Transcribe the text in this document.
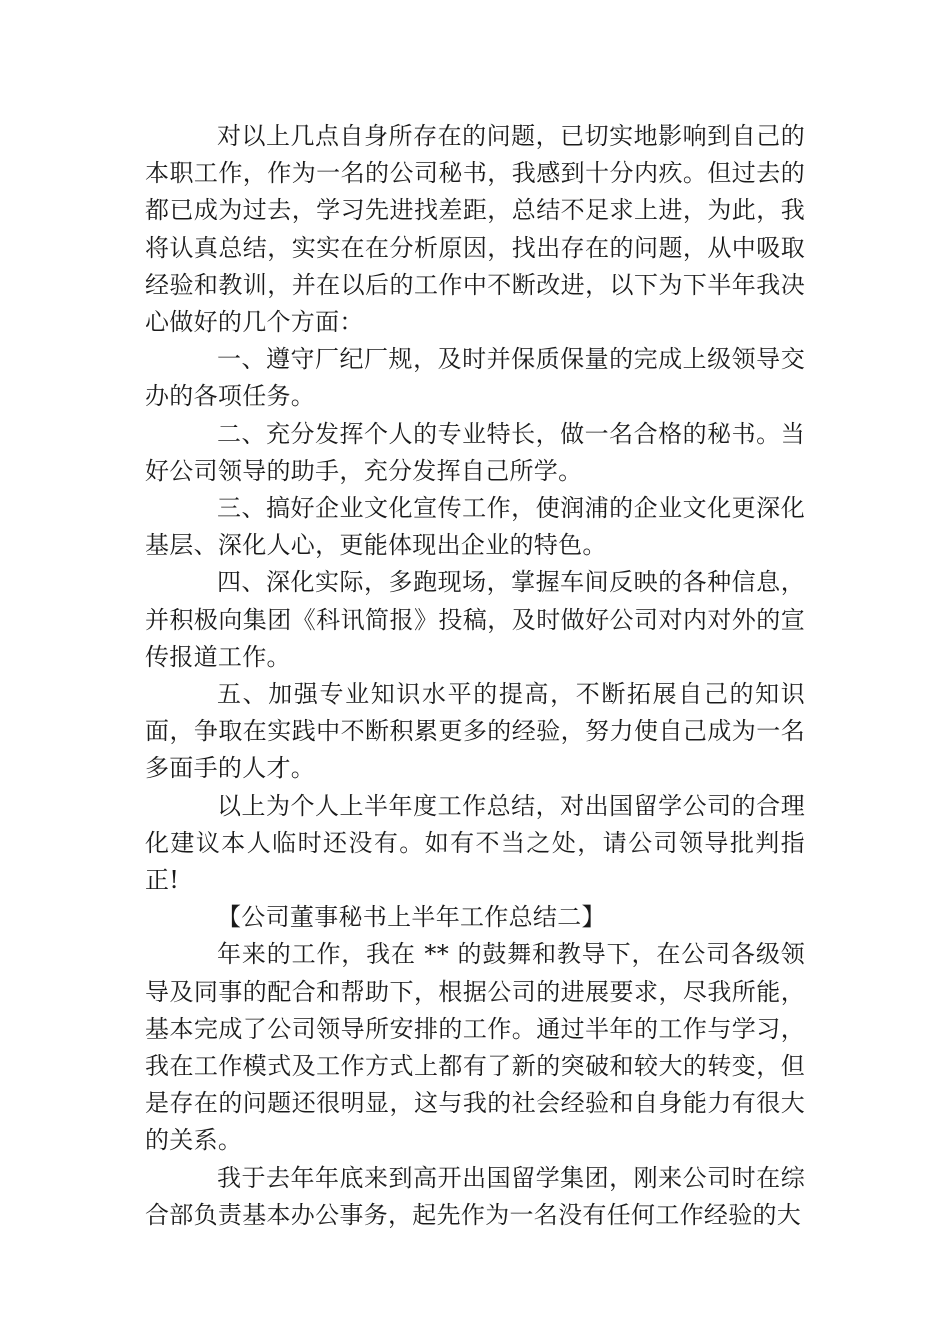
对以上几点自身所存在的问题，已切实地影响到自己的本职工作，作为一名的公司秘书，我感到十分内疚。但过去的都已成为过去，学习先进找差距，总结不足求上进，为此，我将认真总结，实实在在分析原因，找出存在的问题，从中吸取经验和教训，并在以后的工作中不断改进，以下为下半年我决心做好的几个方面：

一、遵守厂纪厂规，及时并保质保量的完成上级领导交办的各项任务。

二、充分发挥个人的专业特长，做一名合格的秘书。当好公司领导的助手，充分发挥自己所学。

三、搞好企业文化宣传工作，使润浦的企业文化更深化基层、深化人心，更能体现出企业的特色。

四、深化实际，多跑现场，掌握车间反映的各种信息，并积极向集团《科讯简报》投稿，及时做好公司对内对外的宣传报道工作。

五、加强专业知识水平的提高，不断拓展自己的知识面，争取在实践中不断积累更多的经验，努力使自己成为一名多面手的人才。

以上为个人上半年度工作总结，对出国留学公司的合理化建议本人临时还没有。如有不当之处，请公司领导批判指正!

【公司董事秘书上半年工作总结二】

年来的工作，我在 ** 的鼓舞和教导下，在公司各级领导及同事的配合和帮助下，根据公司的进展要求，尽我所能，基本完成了公司领导所安排的工作。通过半年的工作与学习，我在工作模式及工作方式上都有了新的突破和较大的转变，但是存在的问题还很明显，这与我的社会经验和自身能力有很大的关系。

我于去年年底来到高开出国留学集团，刚来公司时在综合部负责基本办公事务，起先作为一名没有任何工作经验的大
